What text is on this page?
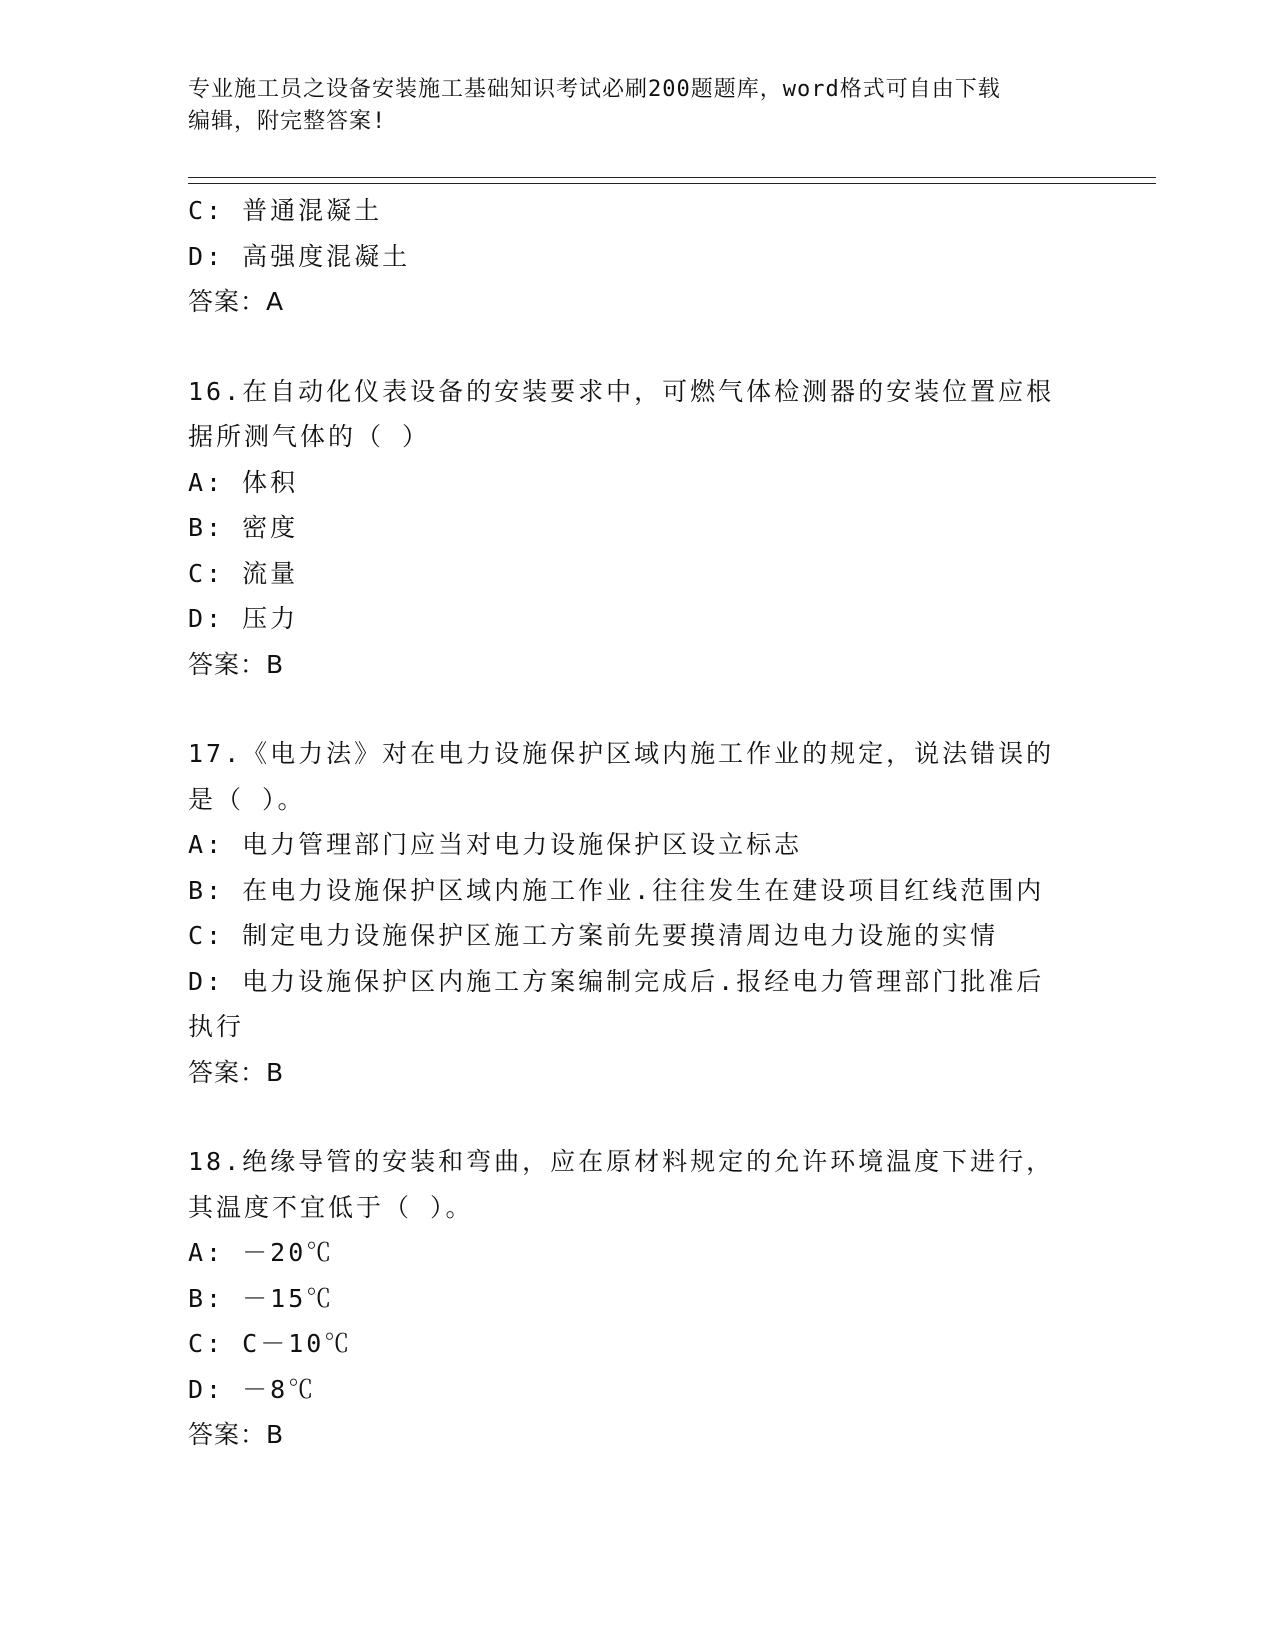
专业施工员之设备安装施工基础知识考试必刷200题题库，word格式可自由下载
编辑，附完整答案!
C: 普通混凝土
D: 高强度混凝土
答案：A
16.在自动化仪表设备的安装要求中，可燃气体检测器的安装位置应根
据所测气体的（ ）
A: 体积
B: 密度
C: 流量
D: 压力
答案：B
17.《电力法》对在电力设施保护区域内施工作业的规定，说法错误的
是（ ）。
A: 电力管理部门应当对电力设施保护区设立标志
B: 在电力设施保护区域内施工作业.往往发生在建设项目红线范围内
C: 制定电力设施保护区施工方案前先要摸清周边电力设施的实情
D: 电力设施保护区内施工方案编制完成后.报经电力管理部门批准后
执行
答案：B
18.绝缘导管的安装和弯曲，应在原材料规定的允许环境温度下进行，
其温度不宜低于（ ）。
A: －20℃
B: －15℃
C: C－10℃
D: －8℃
答案：B
